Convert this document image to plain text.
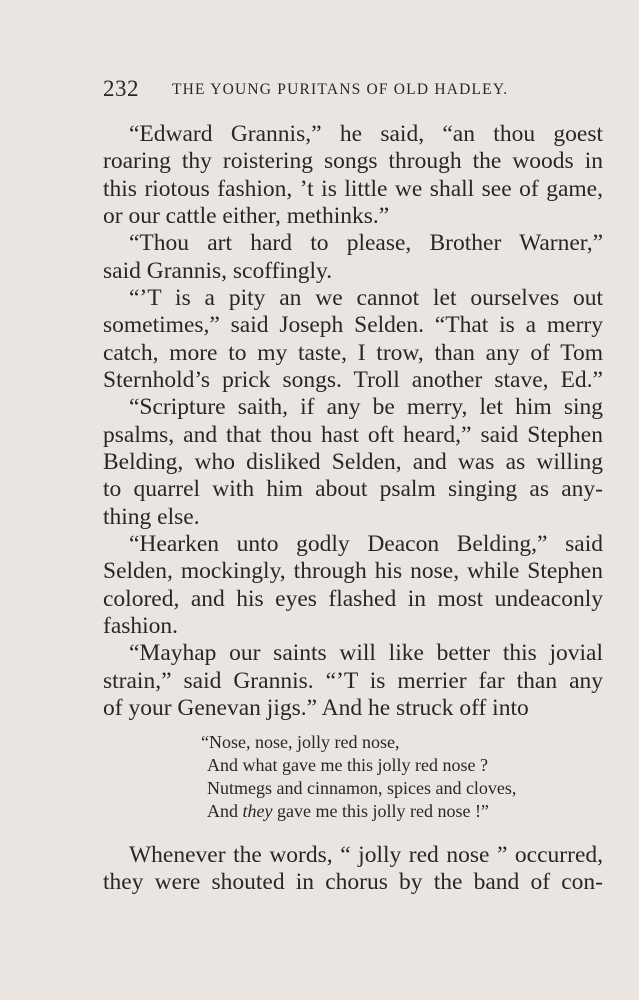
232 THE YOUNG PURITANS OF OLD HADLEY.
“Edward Grannis,” he said, “an thou goest
roaring thy roistering songs through the woods in
this riotous fashion, ’t is little we shall see of game,
or our cattle either, methinks.”
“Thou art hard to please, Brother Warner,”
said Grannis, scoffingly.
“’T is a pity an we cannot let ourselves out
sometimes,” said Joseph Selden. “That is a merry
catch, more to my taste, I trow, than any of Tom
Sternhold’s prick songs. Troll another stave, Ed.”
“Scripture saith, if any be merry, let him sing
psalms, and that thou hast oft heard,” said Stephen
Belding, who disliked Selden, and was as willing
to quarrel with him about psalm singing as any-
thing else.
“Hearken unto godly Deacon Belding,” said
Selden, mockingly, through his nose, while Stephen
colored, and his eyes flashed in most undeaconly
fashion.
“Mayhap our saints will like better this jovial
strain,” said Grannis. “’T is merrier far than any
of your Genevan jigs.” And he struck off into
“Nose, nose, jolly red nose,
And what gave me this jolly red nose ?
Nutmegs and cinnamon, spices and cloves,
And they gave me this jolly red nose !”
Whenever the words, “ jolly red nose ” occurred,
they were shouted in chorus by the band of con-
